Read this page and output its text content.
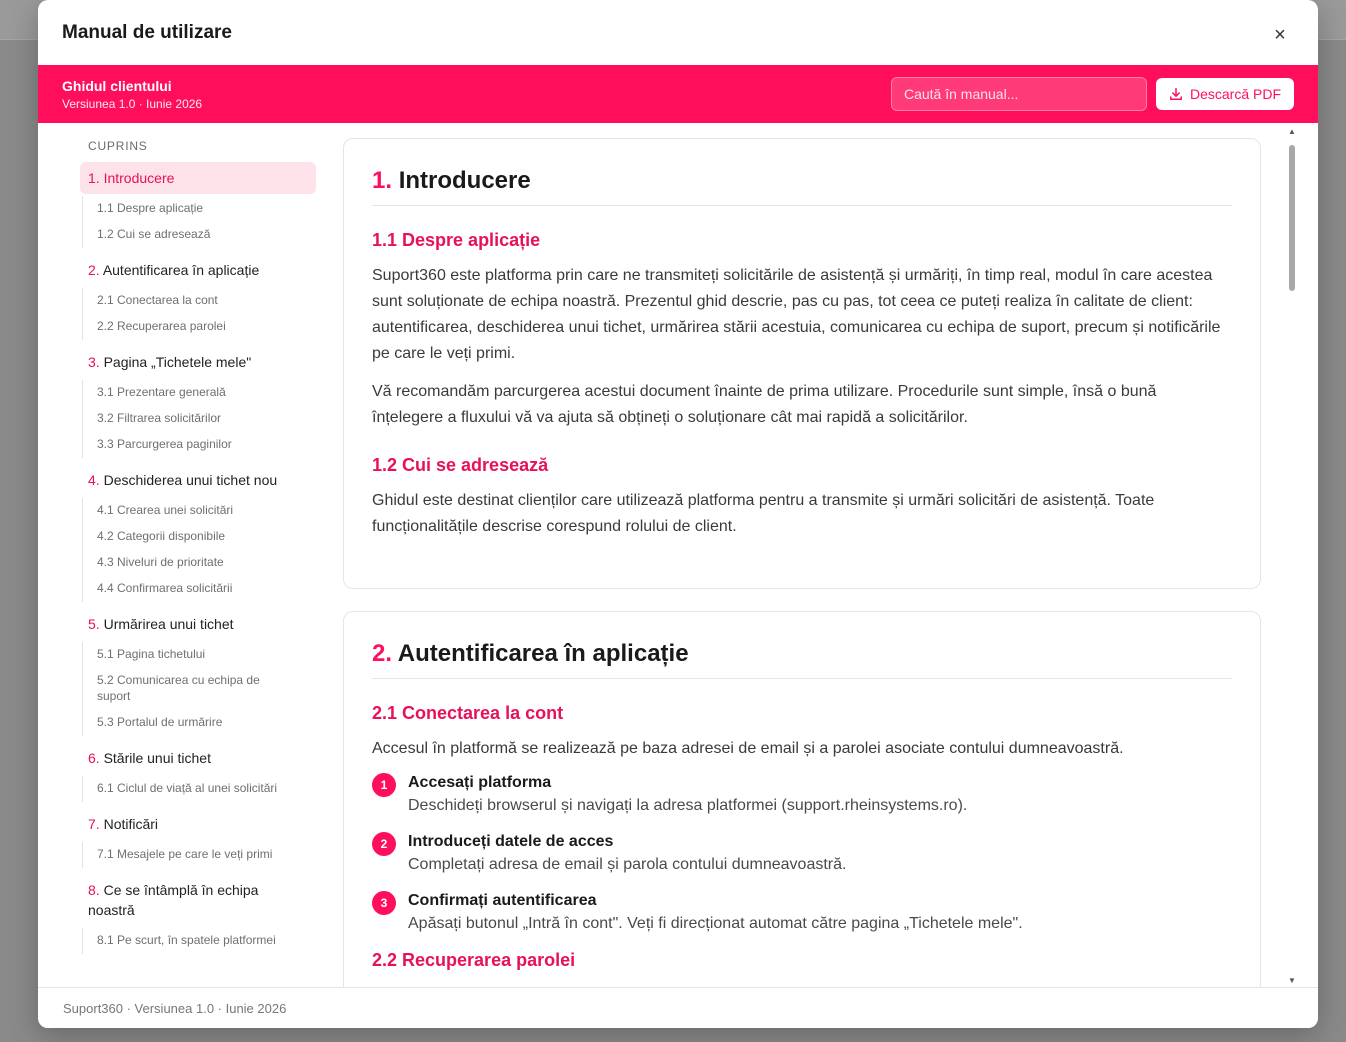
Manual de utilizare	×
Ghidul clientului
Versiunea 1.0 · Iunie 2026
Caută în manual...
Descarcă PDF
CUPRINS
1. Introducere
1.1 Despre aplicație
1.2 Cui se adresează
2. Autentificarea în aplicație
2.1 Conectarea la cont
2.2 Recuperarea parolei
3. Pagina „Tichetele mele"
3.1 Prezentare generală
3.2 Filtrarea solicitărilor
3.3 Parcurgerea paginilor
4. Deschiderea unui tichet nou
4.1 Crearea unei solicitări
4.2 Categorii disponibile
4.3 Niveluri de prioritate
4.4 Confirmarea solicitării
5. Urmărirea unui tichet
5.1 Pagina tichetului
5.2 Comunicarea cu echipa de suport
5.3 Portalul de urmărire
6. Stările unui tichet
6.1 Ciclul de viață al unei solicitări
7. Notificări
7.1 Mesajele pe care le veți primi
8. Ce se întâmplă în echipa noastră
8.1 Pe scurt, în spatele platformei
1. Introducere
1.1 Despre aplicație

Suport360 este platforma prin care ne transmiteți solicitările de asistență și urmăriți, în timp real, modul în care acestea sunt soluționate de echipa noastră. Prezentul ghid descrie, pas cu pas, tot ceea ce puteți realiza în calitate de client: autentificarea, deschiderea unui tichet, urmărirea stării acestuia, comunicarea cu echipa de suport, precum și notificările pe care le veți primi.

Vă recomandăm parcurgerea acestui document înainte de prima utilizare. Procedurile sunt simple, însă o bună înțelegere a fluxului vă va ajuta să obțineți o soluționare cât mai rapidă a solicitărilor.

1.2 Cui se adresează

Ghidul este destinat clienților care utilizează platforma pentru a transmite și urmări solicitări de asistență. Toate funcționalitățile descrise corespund rolului de client.

2. Autentificarea în aplicație
2.1 Conectarea la cont

Accesul în platformă se realizează pe baza adresei de email și a parolei asociate contului dumneavoastră.

1	Accesați platforma
Deschideți browserul și navigați la adresa platformei (support.rheinsystems.ro).
2	Introduceți datele de acces
Completați adresa de email și parola contului dumneavoastră.
3	Confirmați autentificarea
Apăsați butonul „Intră în cont". Veți fi direcționat automat către pagina „Tichetele mele".
2.2 Recuperarea parolei
▲
▼
Suport360 · Versiunea 1.0 · Iunie 2026
